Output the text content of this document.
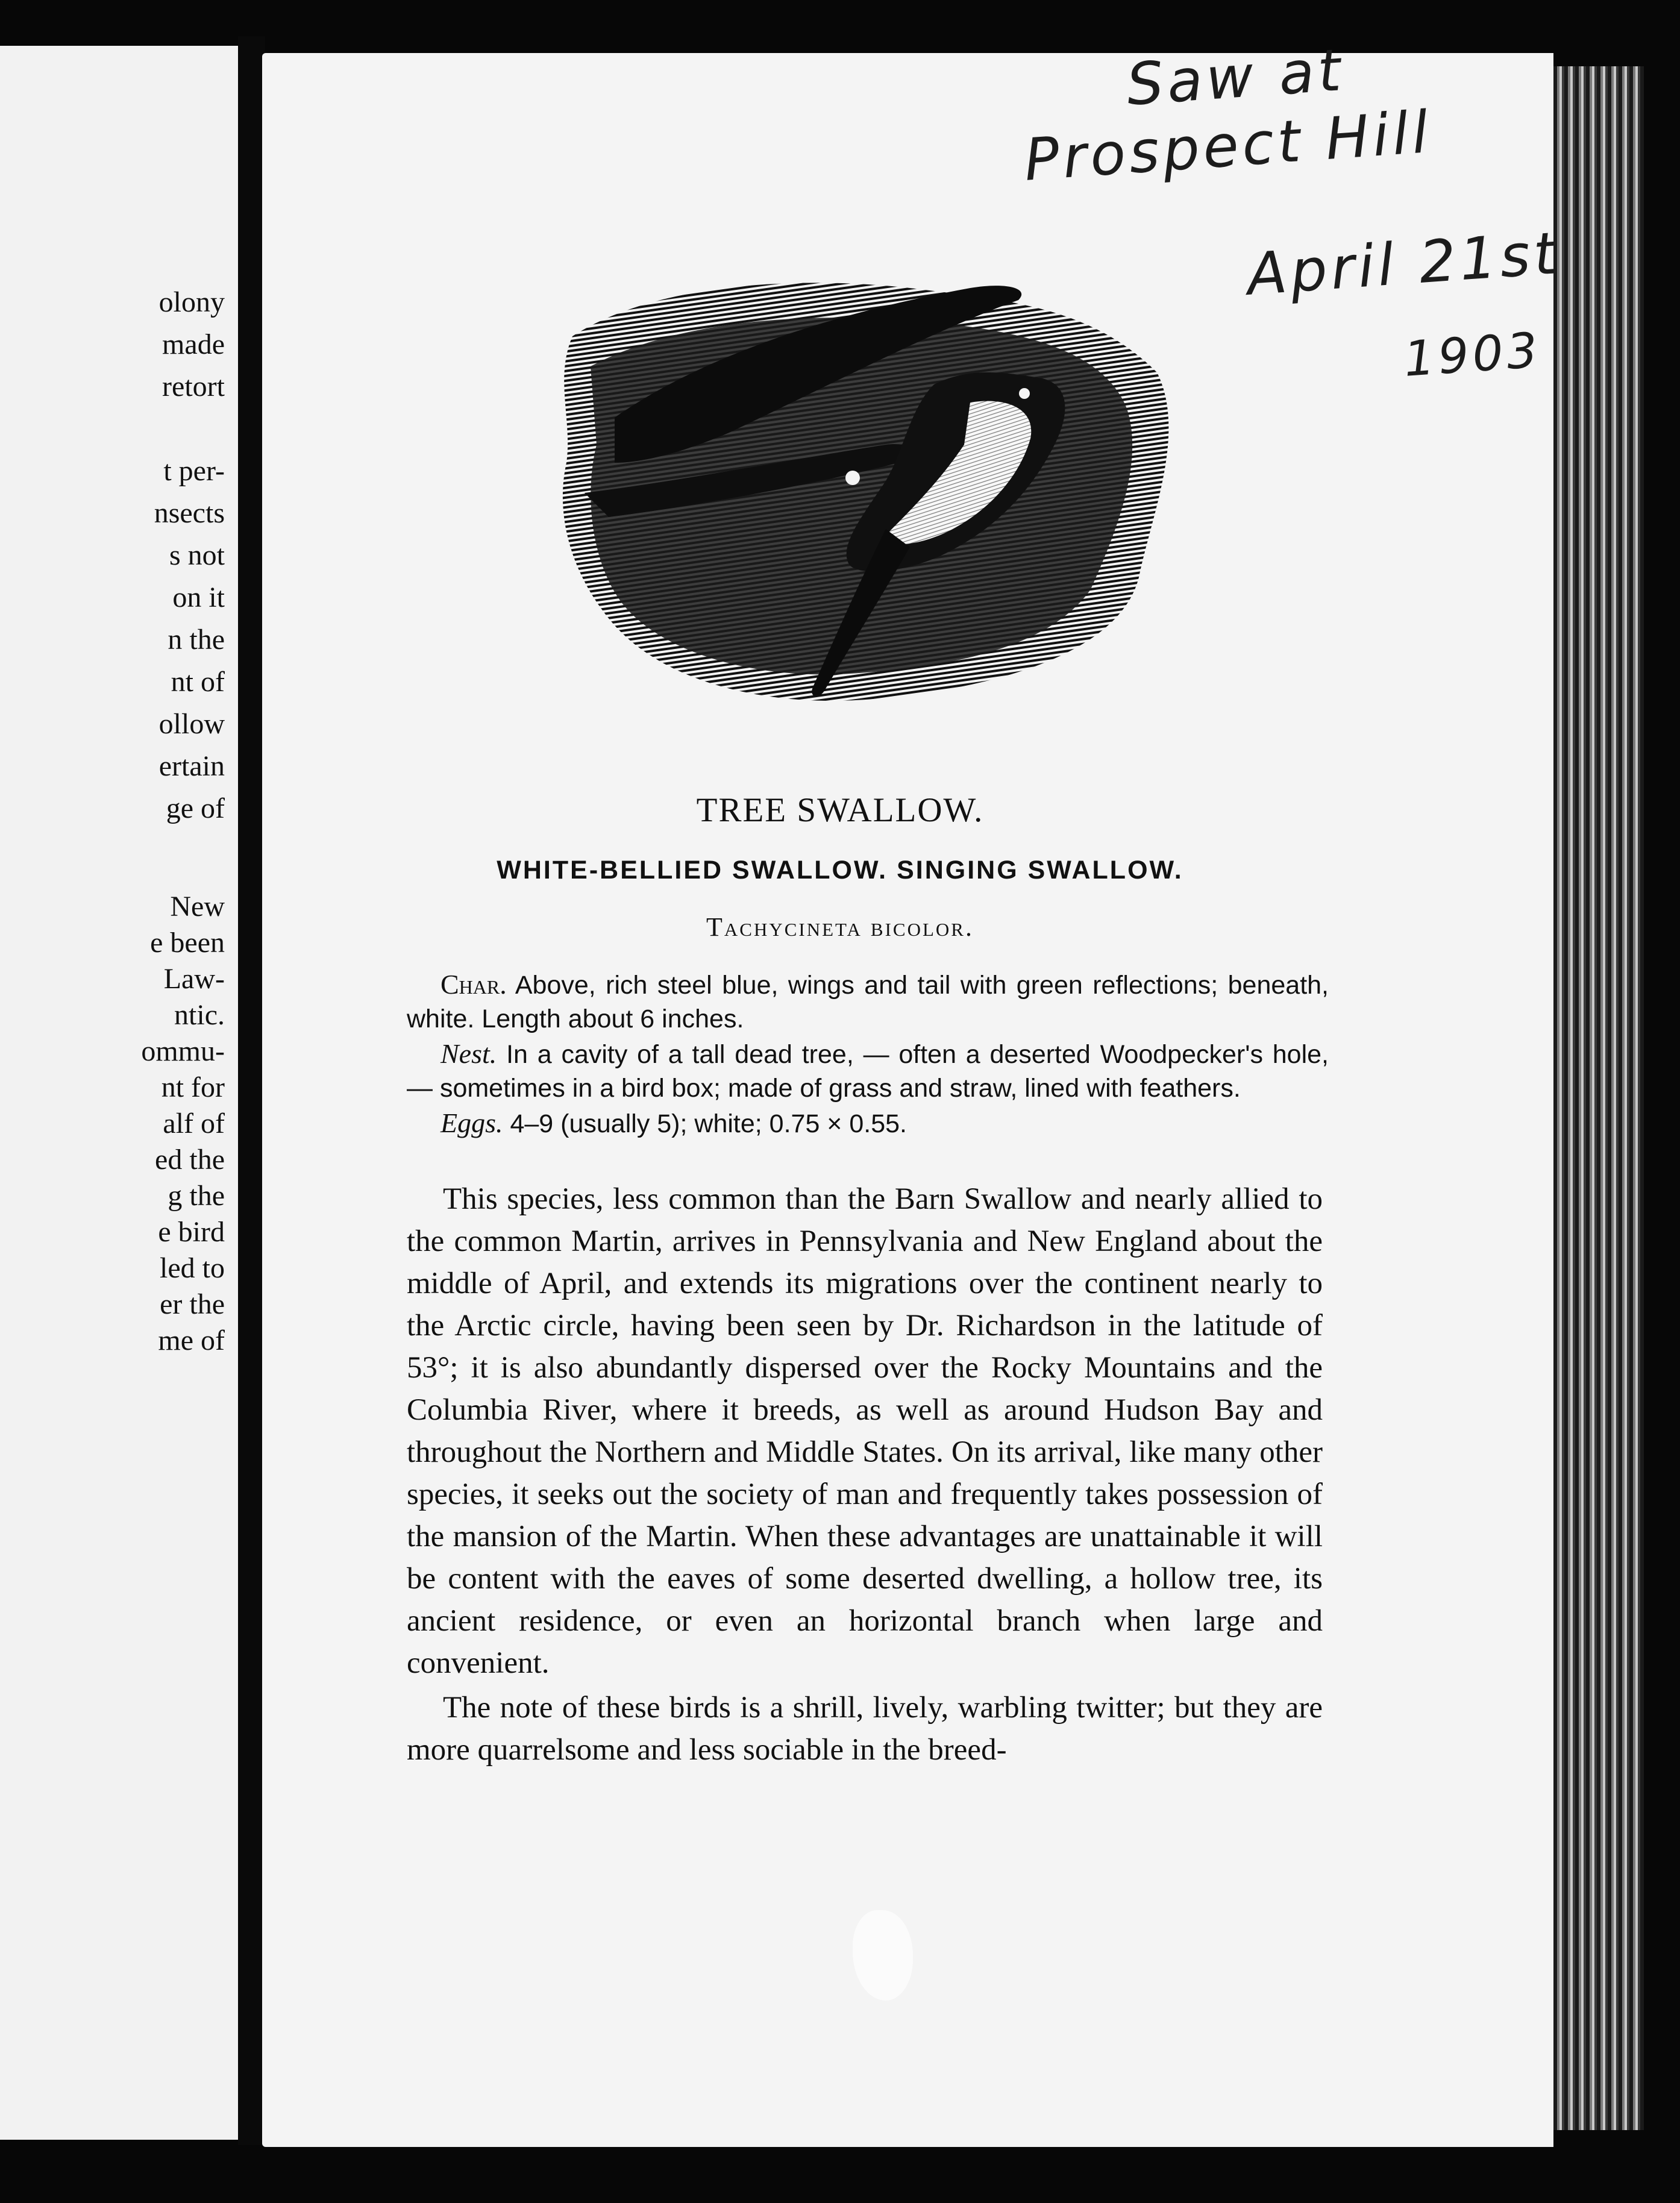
olony
made
retort
t per-
nsects
s not
on it
n the
nt of
ollow
ertain
ge of
New
e been
Law-
ntic.
ommu-
nt for
alf of
ed the
g the
e bird
led to
er the
me of
Saw at
Prospect Hill
April 21st
1903
TREE SWALLOW.
WHITE-BELLIED SWALLOW. SINGING SWALLOW.
Tachycineta bicolor.

Char. Above, rich steel blue, wings and tail with green reflections; beneath, white. Length about 6 inches.

Nest. In a cavity of a tall dead tree, — often a deserted Woodpecker's hole, — sometimes in a bird box; made of grass and straw, lined with feathers.

Eggs. 4–9 (usually 5); white; 0.75 × 0.55.

This species, less common than the Barn Swallow and nearly allied to the common Martin, arrives in Pennsylvania and New England about the middle of April, and extends its migrations over the continent nearly to the Arctic circle, having been seen by Dr. Richardson in the latitude of 53°; it is also abundantly dispersed over the Rocky Mountains and the Columbia River, where it breeds, as well as around Hudson Bay and throughout the Northern and Middle States. On its arrival, like many other species, it seeks out the society of man and frequently takes possession of the mansion of the Martin. When these advantages are unattainable it will be content with the eaves of some deserted dwelling, a hollow tree, its ancient residence, or even an horizontal branch when large and convenient.

The note of these birds is a shrill, lively, warbling twitter; but they are more quarrelsome and less sociable in the breed-
